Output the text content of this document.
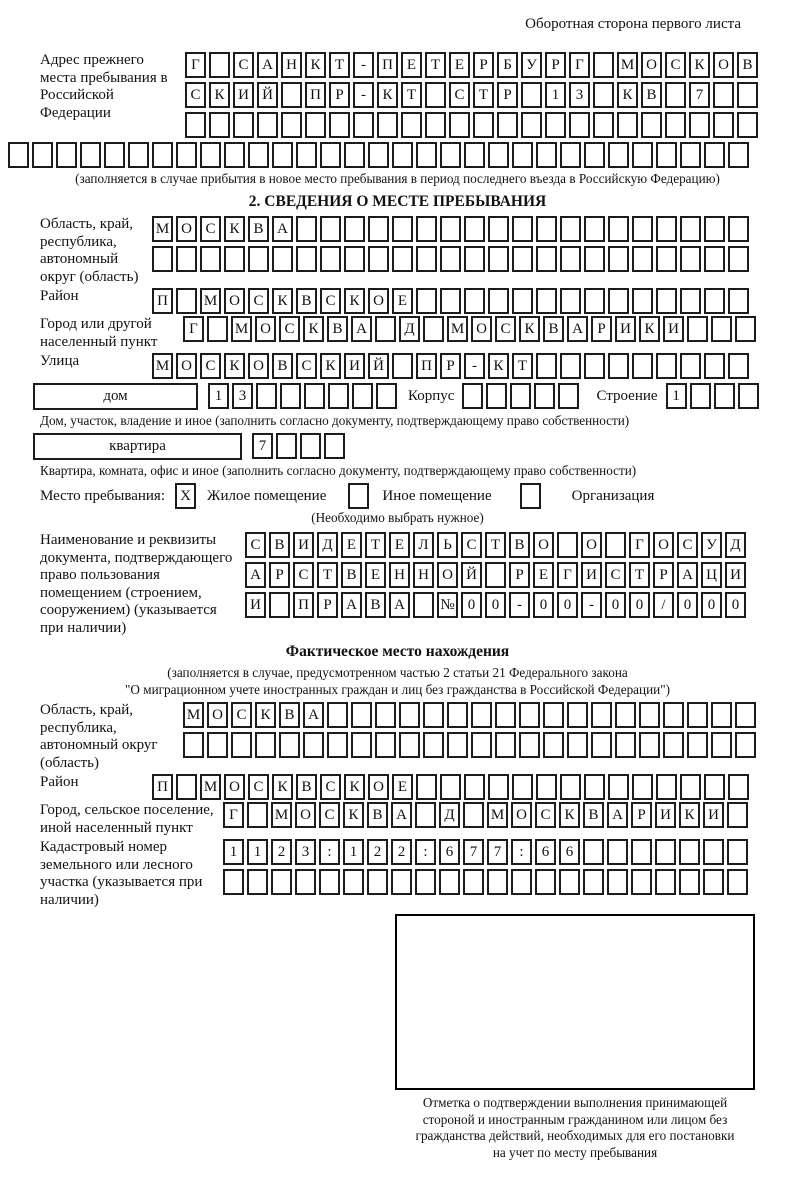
Оборотная сторона первого листа
Адрес прежнего места пребывания в Российской Федерации
Г	С А Н К Т - П Е Т Е Р Б У Р Г М О С К О В
С К И Й П Р - К Т	С Т Р	1 3	К В	7
(заполняется в случае прибытия в новое место пребывания в период последнего въезда в Российскую Федерацию)
2. СВЕДЕНИЯ О МЕСТЕ ПРЕБЫВАНИЯ
Область, край, республика, автономный округ (область)
М О С К В А
Район	П М О С К В С К О Е
Город или другой населенный пункт
Г М О С К В А Д М О С К В А Р И К И
Улица	М О С К О В С К И Й П Р - К Т
дом	1 3	Корпус	Строение 1
Дом, участок, владение и иное (заполнить согласно документу, подтверждающему право собственности)
квартира	7
Квартира, комната, офис и иное (заполнить согласно документу, подтверждающему право собственности)
Место пребывания:	X	Жилое помещение	Иное помещение	Организация
(Необходимо выбрать нужное)
Наименование и реквизиты документа, подтверждающего право пользования помещением (строением, сооружением) (указывается при наличии)
С В И Д Е Т Е Л Ь С Т В О О	Г О С У Д
А Р С Т В Е Н Н О Й	Р Е Г И С Т Р А Ц И
И П Р А В А № 0 0 - 0 0 - 0 0 / 0 0 0
Фактическое место нахождения
(заполняется в случае, предусмотренном частью 2 статьи 21 Федерального закона
"О миграционном учете иностранных граждан и лиц без гражданства в Российской Федерации")
Область, край, республика, автономный округ (область)
М О С К В А
Район	П М О С К В С К О Е
Город, сельское поселение, иной населенный пункт
Г М О С К В А Д М О С К В А Р И К И
Кадастровый номер земельного или лесного участка (указывается при наличии)
1 1 2 3 : 1 2 2 : 6 7 7 : 6 6
Отметка о подтверждении выполнения принимающей
стороной и иностранным гражданином или лицом без
гражданства действий, необходимых для его постановки
на учет по месту пребывания
